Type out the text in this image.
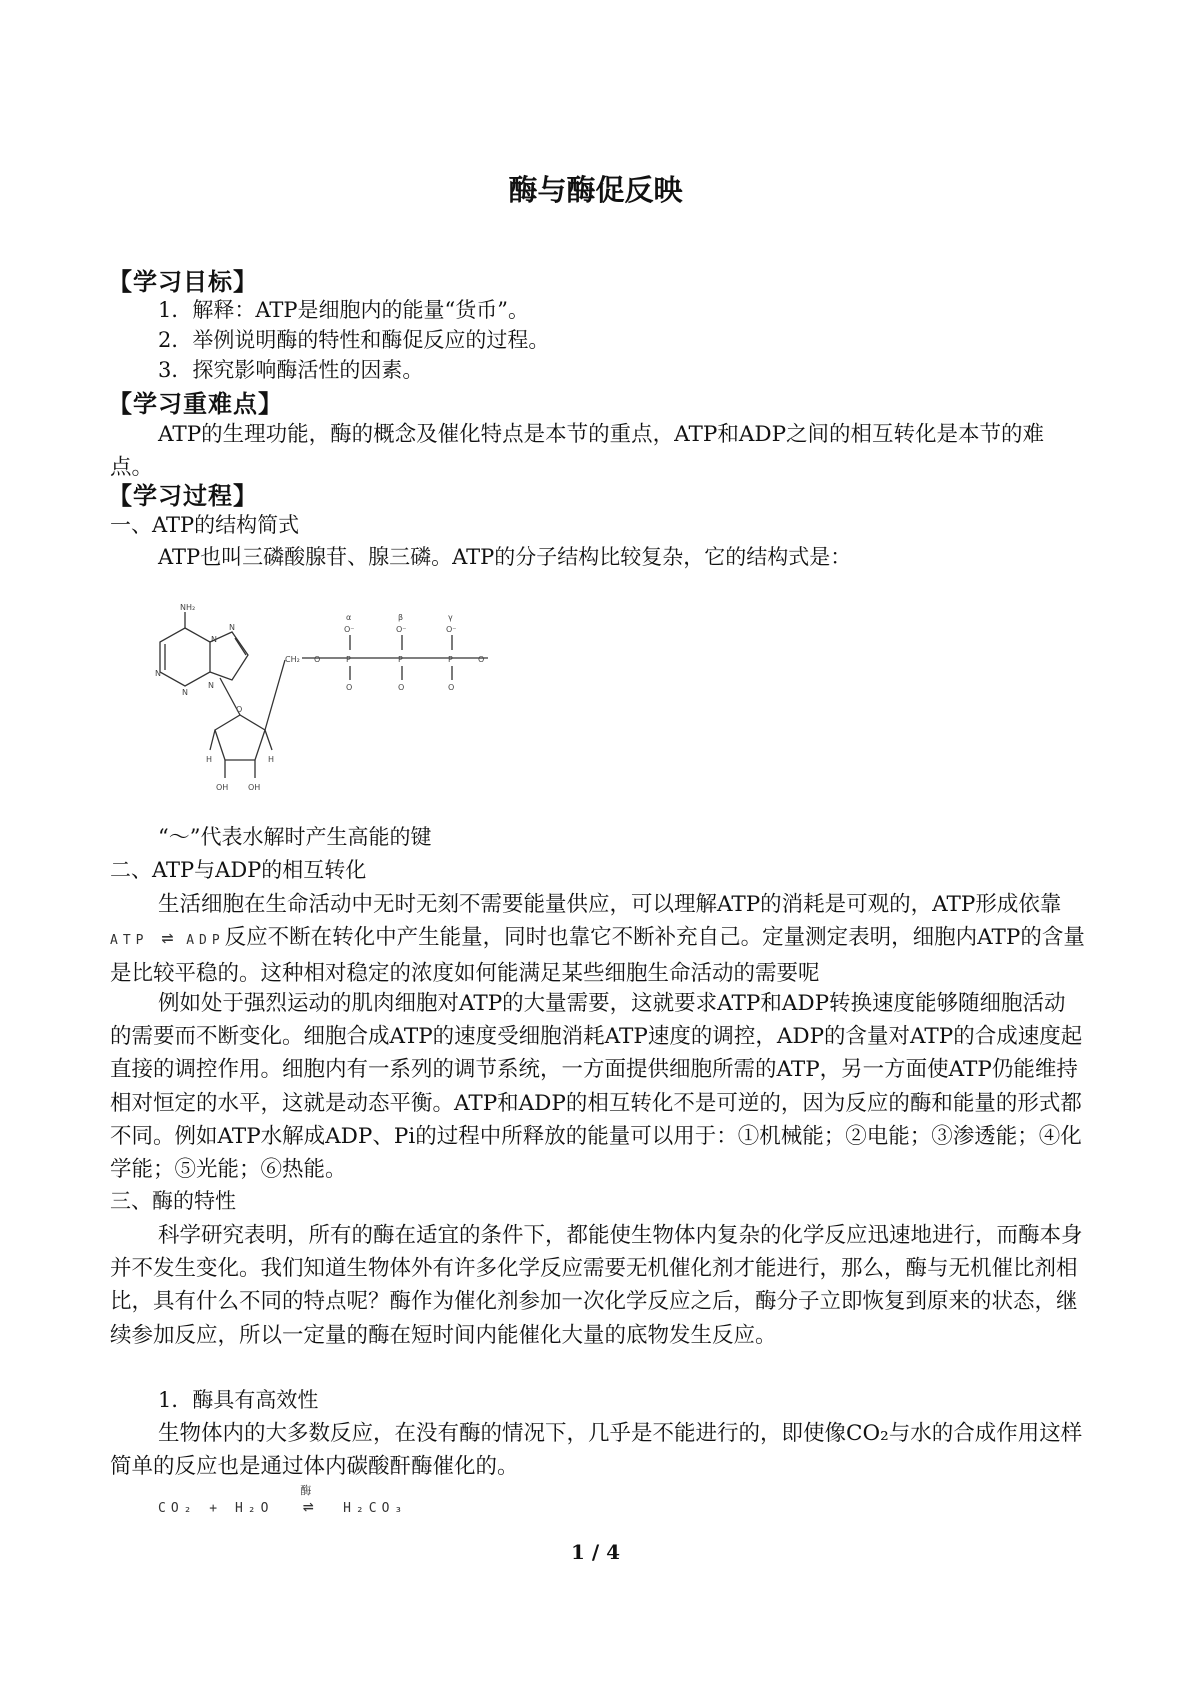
酶与酶促反映
【学习目标】
1．解释：ATP是细胞内的能量“货币”。
2．举例说明酶的特性和酶促反应的过程。
3．探究影响酶活性的因素。
【学习重难点】
ATP的生理功能，酶的概念及催化特点是本节的重点，ATP和ADP之间的相互转化是本节的难点。
【学习过程】
一、ATP的结构简式
ATP也叫三磷酸腺苷、腺三磷。ATP的分子结构比较复杂，它的结构式是：
NH₂
N
N
N
N
N
O
H	H
OH OH
CH₂ O	P	P	P
α	β	γ
O⁻	O⁻	O⁻
O	O	O
O⁻
“～”代表水解时产生高能的键
二、ATP与ADP的相互转化
生活细胞在生命活动中无时无刻不需要能量供应，可以理解ATP的消耗是可观的，ATP形成依靠ATP ⇌ ADP反应不断在转化中产生能量，同时也靠它不断补充自己。定量测定表明，细胞内ATP的含量是比较平稳的。这种相对稳定的浓度如何能满足某些细胞生命活动的需要呢
例如处于强烈运动的肌肉细胞对ATP的大量需要，这就要求ATP和ADP转换速度能够随细胞活动的需要而不断变化。细胞合成ATP的速度受细胞消耗ATP速度的调控，ADP的含量对ATP的合成速度起直接的调控作用。细胞内有一系列的调节系统，一方面提供细胞所需的ATP，另一方面使ATP仍能维持相对恒定的水平，这就是动态平衡。ATP和ADP的相互转化不是可逆的，因为反应的酶和能量的形式都不同。例如ATP水解成ADP、Pi的过程中所释放的能量可以用于：①机械能；②电能；③渗透能；④化学能；⑤光能；⑥热能。
三、酶的特性
科学研究表明，所有的酶在适宜的条件下，都能使生物体内复杂的化学反应迅速地进行，而酶本身并不发生变化。我们知道生物体外有许多化学反应需要无机催化剂才能进行，那么，酶与无机催比剂相比，具有什么不同的特点呢？酶作为催化剂参加一次化学反应之后，酶分子立即恢复到原来的状态，继续参加反应，所以一定量的酶在短时间内能催化大量的底物发生反应。
1．酶具有高效性
生物体内的大多数反应，在没有酶的情况下，几乎是不能进行的，即使像CO₂与水的合成作用这样简单的反应也是通过体内碳酸酐酶催化的。
CO₂ + H₂O
酶
⇌ H₂CO₃
1 / 4
